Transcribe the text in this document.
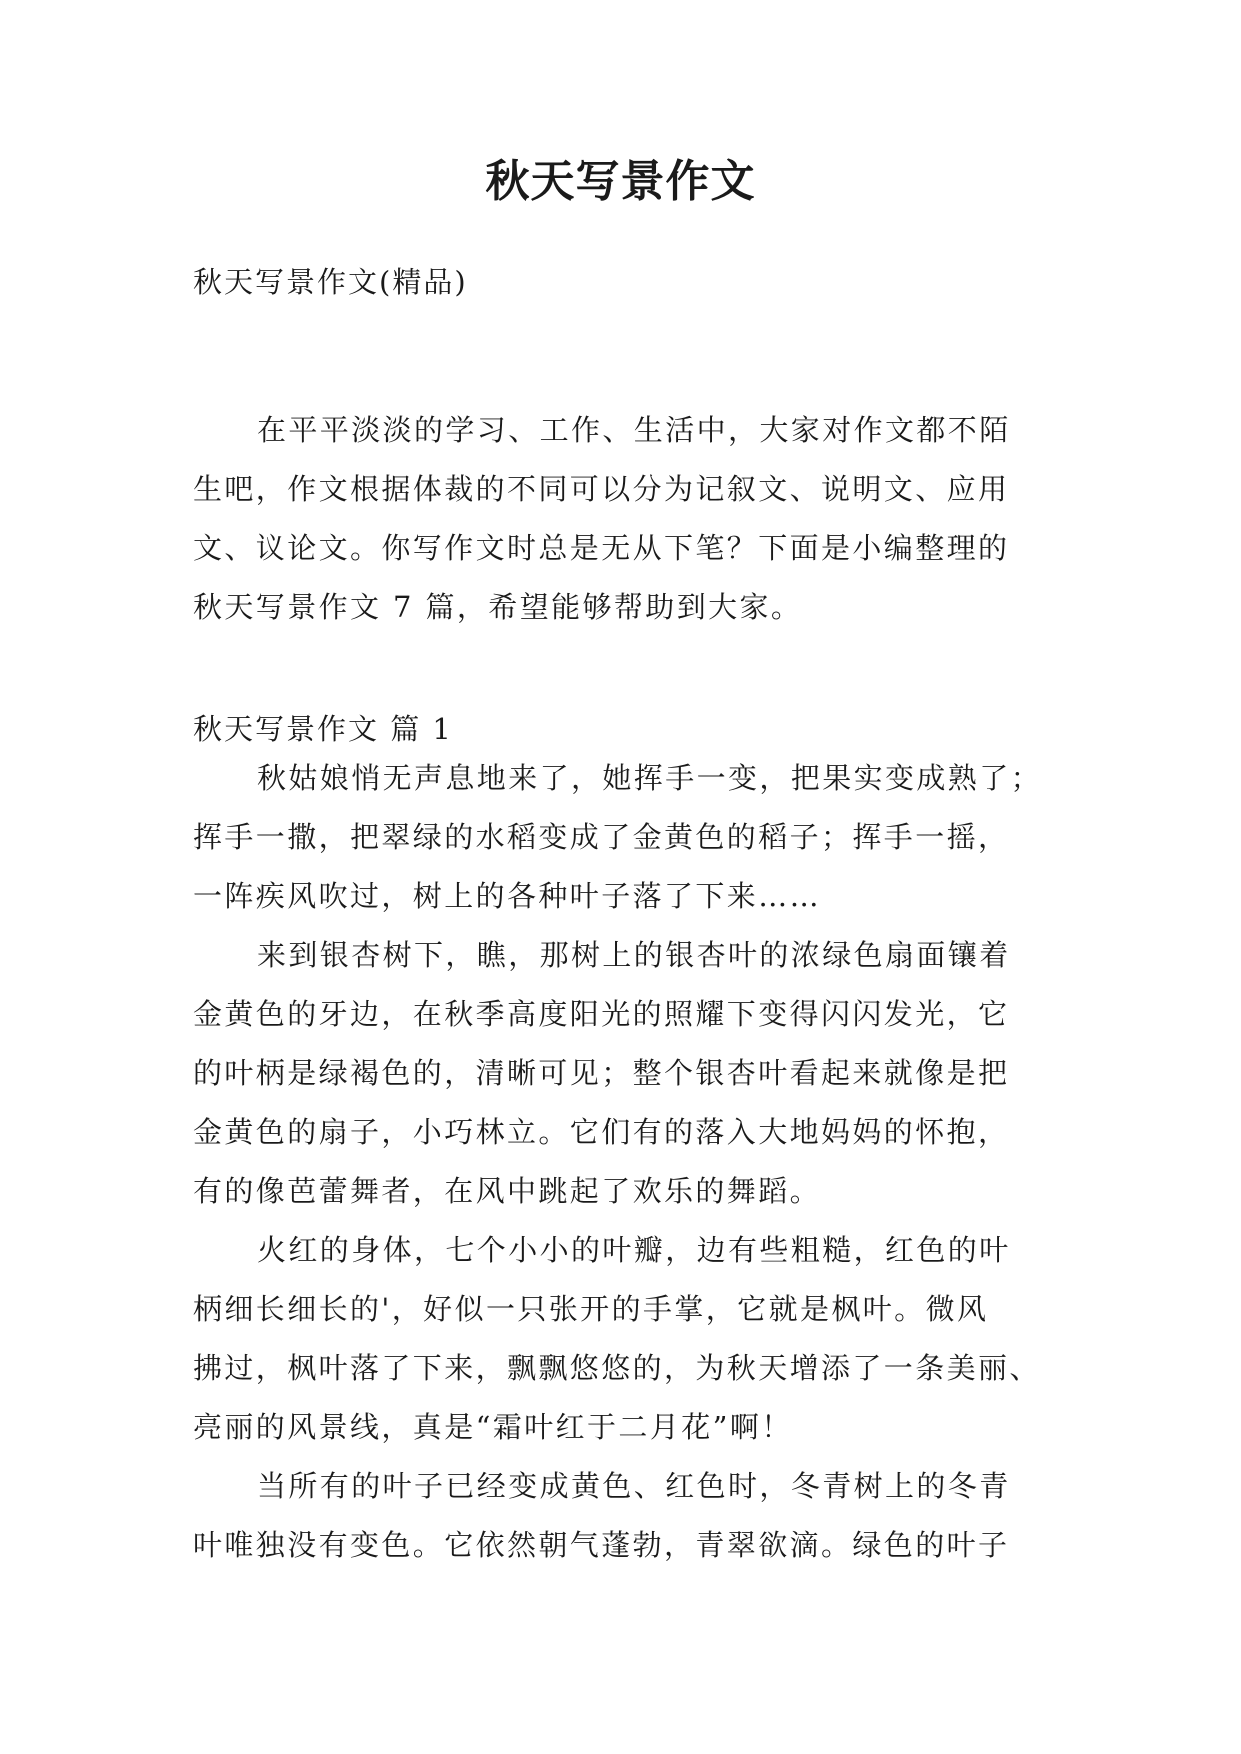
秋天写景作文
秋天写景作文(精品)
在平平淡淡的学习、工作、生活中，大家对作文都不陌
生吧，作文根据体裁的不同可以分为记叙文、说明文、应用
文、议论文。你写作文时总是无从下笔？下面是小编整理的
秋天写景作文 7 篇，希望能够帮助到大家。
秋天写景作文 篇 1
秋姑娘悄无声息地来了，她挥手一变，把果实变成熟了；
挥手一撒，把翠绿的水稻变成了金黄色的稻子；挥手一摇，
一阵疾风吹过，树上的各种叶子落了下来……
来到银杏树下，瞧，那树上的银杏叶的浓绿色扇面镶着
金黄色的牙边，在秋季高度阳光的照耀下变得闪闪发光，它
的叶柄是绿褐色的，清晰可见；整个银杏叶看起来就像是把
金黄色的扇子，小巧林立。它们有的落入大地妈妈的怀抱，
有的像芭蕾舞者，在风中跳起了欢乐的舞蹈。
火红的身体，七个小小的叶瓣，边有些粗糙，红色的叶
柄细长细长的'，好似一只张开的手掌，它就是枫叶。微风
拂过，枫叶落了下来，飘飘悠悠的，为秋天增添了一条美丽、
亮丽的风景线，真是“霜叶红于二月花”啊！
当所有的叶子已经变成黄色、红色时，冬青树上的冬青
叶唯独没有变色。它依然朝气蓬勃，青翠欲滴。绿色的叶子
